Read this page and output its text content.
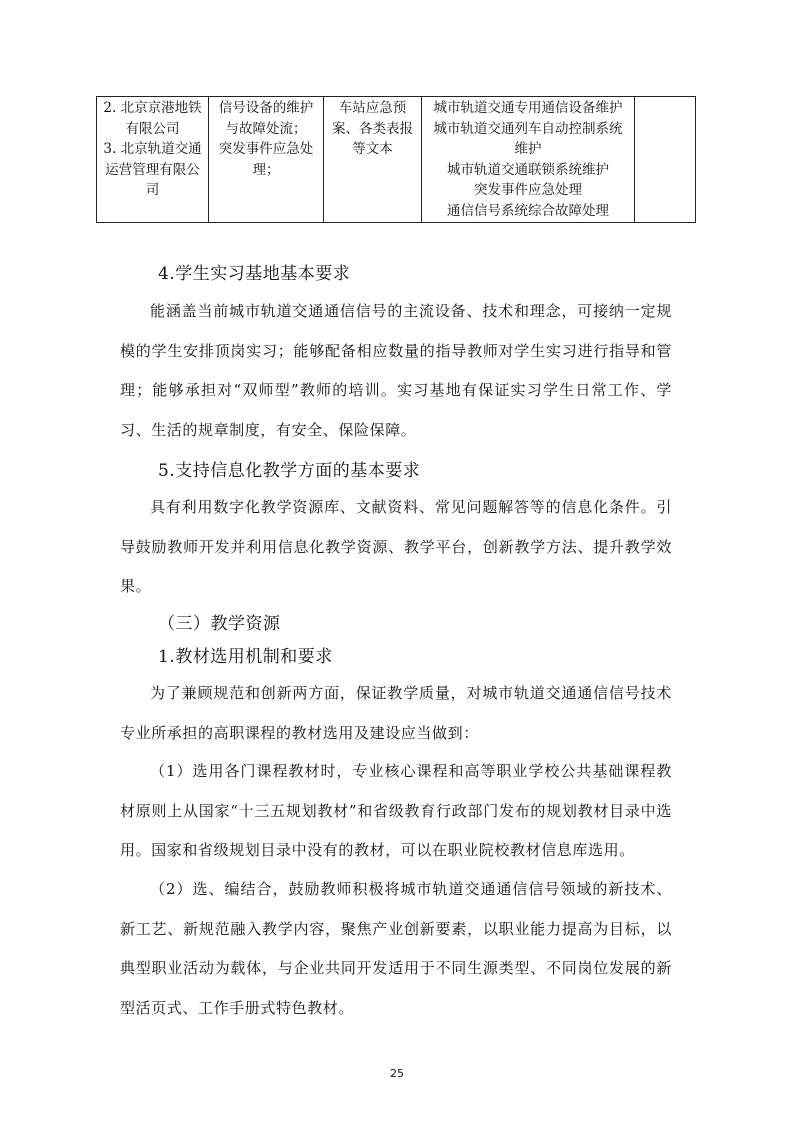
2. 北京京港地铁
有限公司
3. 北京轨道交通
运营管理有限公
司

信号设备的维护
与故障处流；
突发事件应急处
理；

车站应急预
案、各类表报
等文本

城市轨道交通专用通信设备维护
城市轨道交通列车自动控制系统
维护
城市轨道交通联锁系统维护
突发事件应急处理
通信信号系统综合故障处理

4.学生实习基地基本要求
能涵盖当前城市轨道交通通信信号的主流设备、技术和理念，可接纳一定规模的学生安排顶岗实习；能够配备相应数量的指导教师对学生实习进行指导和管理；能够承担对“双师型”教师的培训。实习基地有保证实习学生日常工作、学习、生活的规章制度，有安全、保险保障。
5.支持信息化教学方面的基本要求
具有利用数字化教学资源库、文献资料、常见问题解答等的信息化条件。引导鼓励教师开发并利用信息化教学资源、教学平台，创新教学方法、提升教学效果。
（三）教学资源
1.教材选用机制和要求
为了兼顾规范和创新两方面，保证教学质量，对城市轨道交通通信信号技术专业所承担的高职课程的教材选用及建设应当做到：
（1）选用各门课程教材时，专业核心课程和高等职业学校公共基础课程教材原则上从国家“十三五规划教材”和省级教育行政部门发布的规划教材目录中选用。国家和省级规划目录中没有的教材，可以在职业院校教材信息库选用。
（2）选、编结合，鼓励教师积极将城市轨道交通通信信号领域的新技术、新工艺、新规范融入教学内容，聚焦产业创新要素，以职业能力提高为目标，以典型职业活动为载体，与企业共同开发适用于不同生源类型、不同岗位发展的新型活页式、工作手册式特色教材。
25
